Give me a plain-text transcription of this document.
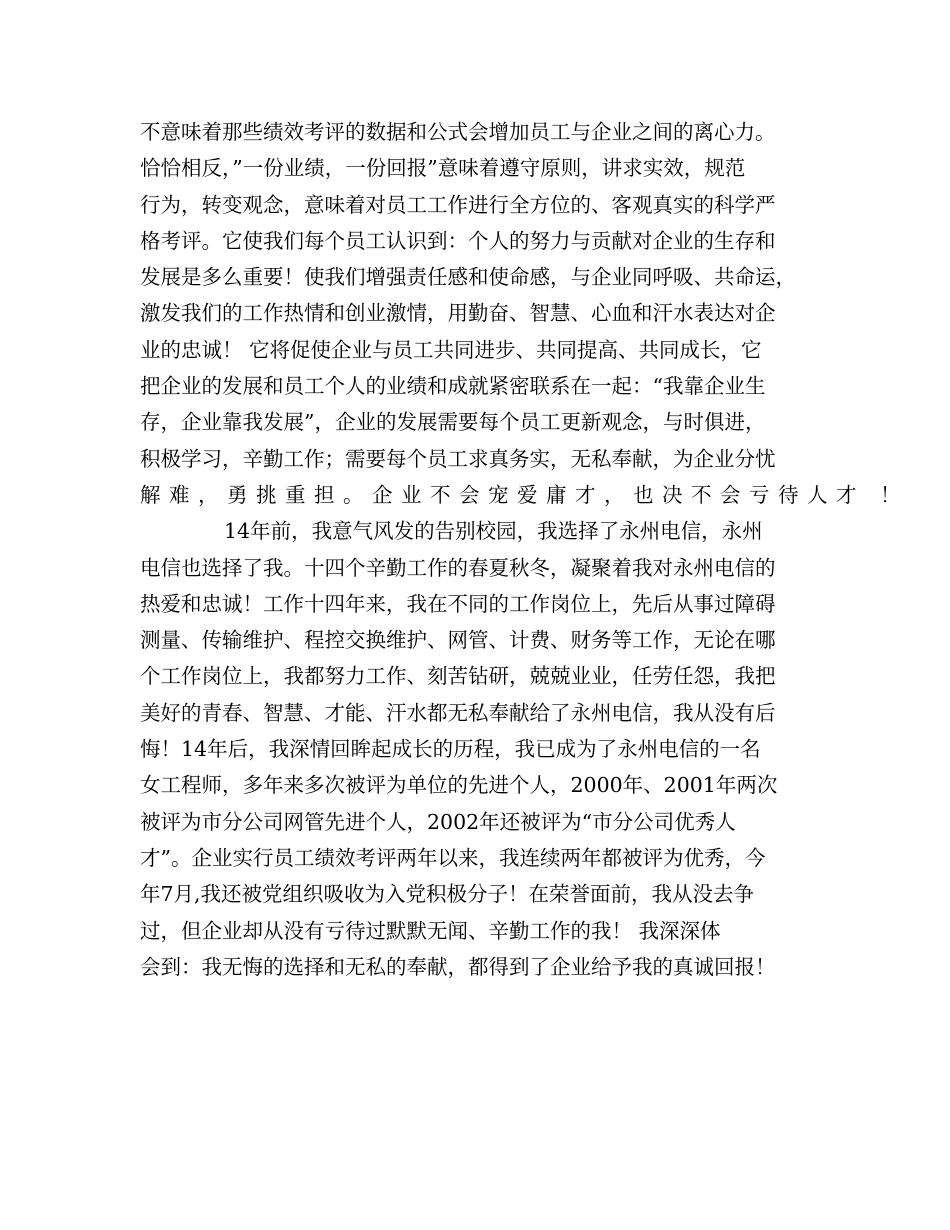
不意味着那些绩效考评的数据和公式会增加员工与企业之间的离心力。
恰恰相反，”一份业绩，一份回报”意味着遵守原则，讲求实效，规范
行为，转变观念，意味着对员工工作进行全方位的、客观真实的科学严
格考评。它使我们每个员工认识到：个人的努力与贡献对企业的生存和
发展是多么重要！使我们增强责任感和使命感，与企业同呼吸、共命运，
激发我们的工作热情和创业激情，用勤奋、智慧、心血和汗水表达对企
业的忠诚！ 它将促使企业与员工共同进步、共同提高、共同成长，它
把企业的发展和员工个人的业绩和成就紧密联系在一起：“我靠企业生
存，企业靠我发展”，企业的发展需要每个员工更新观念，与时俱进，
积极学习，辛勤工作；需要每个员工求真务实，无私奉献，为企业分忧
解难，勇挑重担。企业不会宠爱庸才，也决不会亏待人才 ！
14年前，我意气风发的告别校园，我选择了永州电信，永州
电信也选择了我。十四个辛勤工作的春夏秋冬，凝聚着我对永州电信的
热爱和忠诚！工作十四年来，我在不同的工作岗位上，先后从事过障碍
测量、传输维护、程控交换维护、网管、计费、财务等工作，无论在哪
个工作岗位上，我都努力工作、刻苦钻研，兢兢业业，任劳任怨，我把
美好的青春、智慧、才能、汗水都无私奉献给了永州电信，我从没有后
悔！14年后，我深情回眸起成长的历程，我已成为了永州电信的一名
女工程师，多年来多次被评为单位的先进个人，2000年、2001年两次
被评为市分公司网管先进个人，2002年还被评为“市分公司优秀人
才”。企业实行员工绩效考评两年以来，我连续两年都被评为优秀，今
年7月,我还被党组织吸收为入党积极分子！在荣誉面前，我从没去争
过，但企业却从没有亏待过默默无闻、辛勤工作的我！ 我深深体
会到：我无悔的选择和无私的奉献，都得到了企业给予我的真诚回报！
